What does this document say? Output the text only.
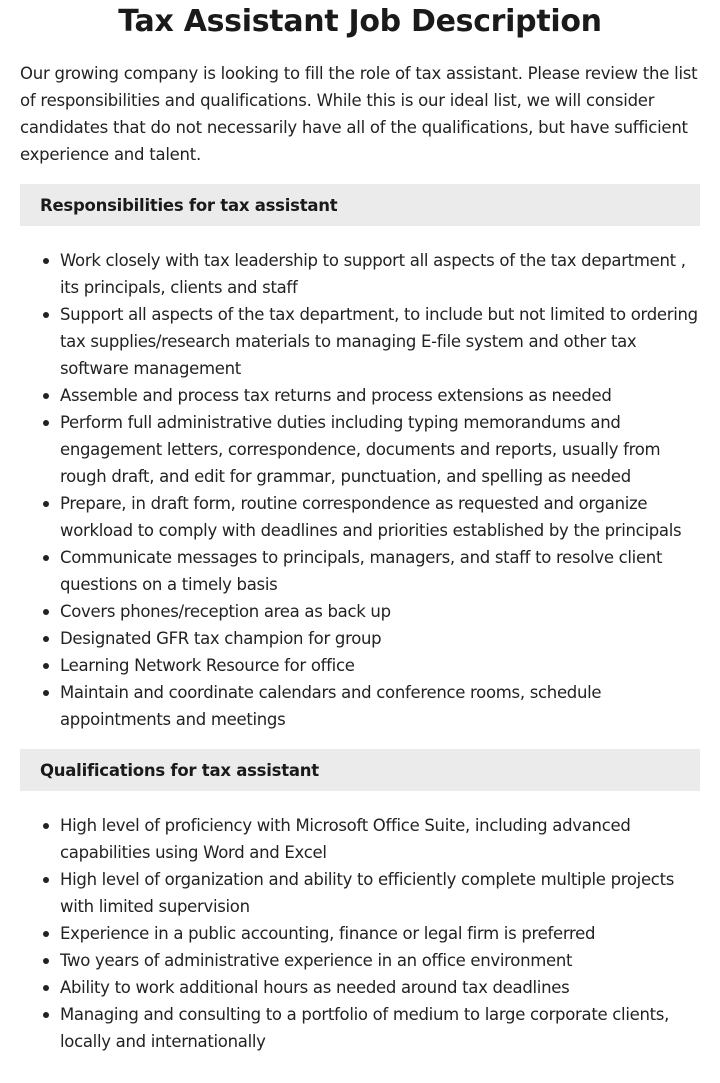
Tax Assistant Job Description

Our growing company is looking to fill the role of tax assistant. Please review the list of responsibilities and qualifications. While this is our ideal list, we will consider candidates that do not necessarily have all of the qualifications, but have sufficient experience and talent.

Responsibilities for tax assistant
Work closely with tax leadership to support all aspects of the tax department , its principals, clients and staff
Support all aspects of the tax department, to include but not limited to ordering tax supplies/research materials to managing E-file system and other tax software management
Assemble and process tax returns and process extensions as needed
Perform full administrative duties including typing memorandums and engagement letters, correspondence, documents and reports, usually from rough draft, and edit for grammar, punctuation, and spelling as needed
Prepare, in draft form, routine correspondence as requested and organize workload to comply with deadlines and priorities established by the principals
Communicate messages to principals, managers, and staff to resolve client questions on a timely basis
Covers phones/reception area as back up
Designated GFR tax champion for group
Learning Network Resource for office
Maintain and coordinate calendars and conference rooms, schedule appointments and meetings
Qualifications for tax assistant
High level of proficiency with Microsoft Office Suite, including advanced capabilities using Word and Excel
High level of organization and ability to efficiently complete multiple projects with limited supervision
Experience in a public accounting, finance or legal firm is preferred
Two years of administrative experience in an office environment
Ability to work additional hours as needed around tax deadlines
Managing and consulting to a portfolio of medium to large corporate clients, locally and internationally
